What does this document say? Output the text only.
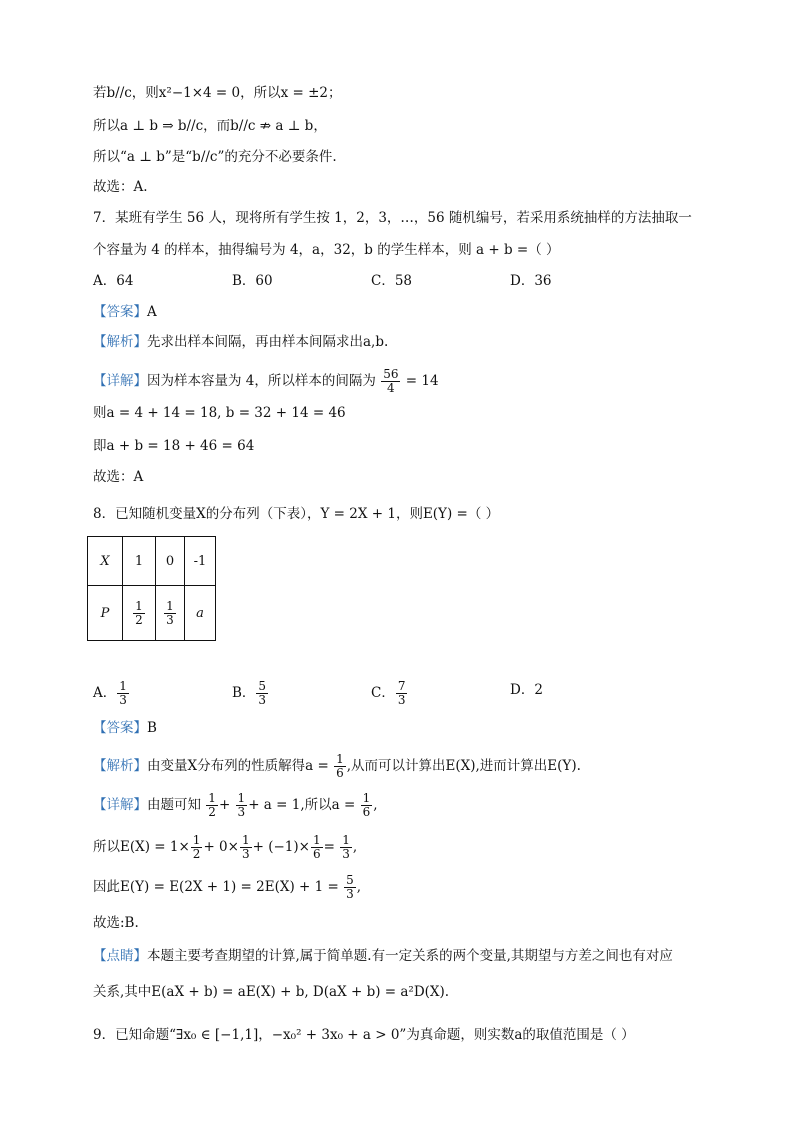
若b//c，则x²−1×4 = 0，所以x = ±2；
所以a ⊥ b ⇒ b//c，而b//c ⇏ a ⊥ b，
所以“a ⊥ b”是“b//c”的充分不必要条件.
故选：A.
7．某班有学生 56 人，现将所有学生按 1，2，3，…，56 随机编号，若采用系统抽样的方法抽取一
个容量为 4 的样本，抽得编号为 4，a，32，b 的学生样本，则 a + b =（ ）
A．64	B．60	C．58	D．36
【答案】A
【解析】先求出样本间隔，再由样本间隔求出a,b.
【详解】因为样本容量为 4，所以样本的间隔为 $\frac{56}{4} = 14$
则a = 4 + 14 = 18, b = 32 + 14 = 46
即a + b = 18 + 46 = 64
故选：A
8．已知随机变量X的分布列（下表），Y = 2X + 1，则E(Y) =（ ）
X	1	0	-1
P	$\frac{1}{2}$	$\frac{1}{3}$	a
A． $\frac{1}{3}$	B． $\frac{5}{3}$	C． $\frac{7}{3}$	D．2
【答案】B
【解析】由变量X分布列的性质解得$a = \frac{1}{6}$ ,从而可以计算出E(X),进而计算出E(Y).
【详解】由题可知 $\frac{1}{2} + \frac{1}{3} + a = 1$,所以$a = \frac{1}{6}$ ,
所以$E(X) = 1\times \frac{1}{2} + 0\times \frac{1}{3} + (-1)\times \frac{1}{6} = \frac{1}{3}$ ,
因此$E(Y) = E(2X + 1) = 2E(X) + 1 = \frac{5}{3}$ ,
故选:B.
【点睛】本题主要考查期望的计算,属于简单题.有一定关系的两个变量,其期望与方差之间也有对应
关系,其中E(aX + b) = aE(X) + b, D(aX + b) = a²D(X).
9．已知命题“∃x₀ ∈ [−1,1]，−x₀² + 3x₀ + a > 0”为真命题，则实数a的取值范围是（ ）
